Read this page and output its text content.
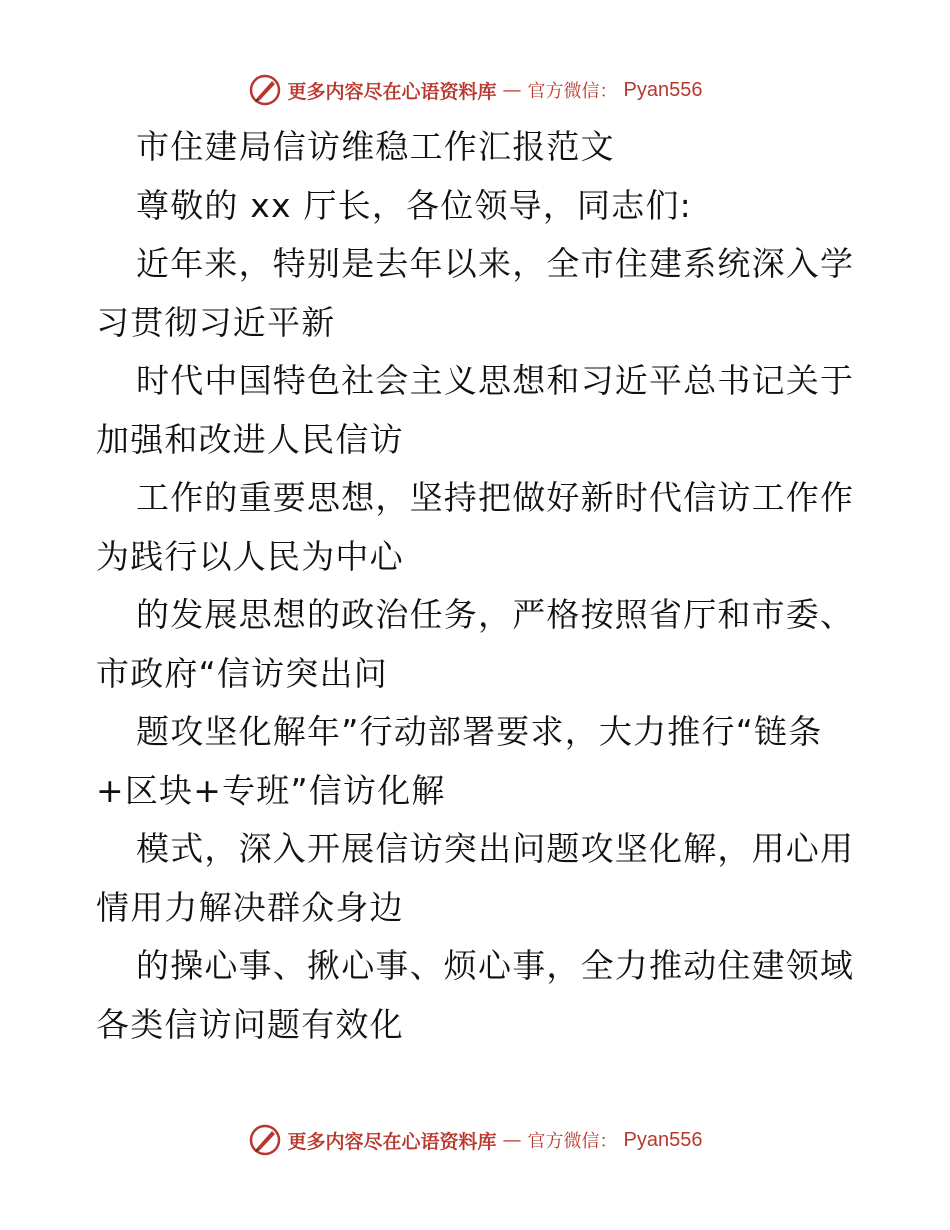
更多内容尽在心语资料库 — 官方微信： Pyan556
市住建局信访维稳工作汇报范文
尊敬的 xx 厅长，各位领导，同志们:
近年来，特别是去年以来，全市住建系统深入学
习贯彻习近平新
时代中国特色社会主义思想和习近平总书记关于
加强和改进人民信访
工作的重要思想，坚持把做好新时代信访工作作
为践行以人民为中心
的发展思想的政治任务，严格按照省厅和市委、
市政府“信访突出问
题攻坚化解年”行动部署要求，大力推行“链条
+区块+专班”信访化解
模式，深入开展信访突出问题攻坚化解，用心用
情用力解决群众身边
的操心事、揪心事、烦心事，全力推动住建领域
各类信访问题有效化
更多内容尽在心语资料库 — 官方微信： Pyan556
